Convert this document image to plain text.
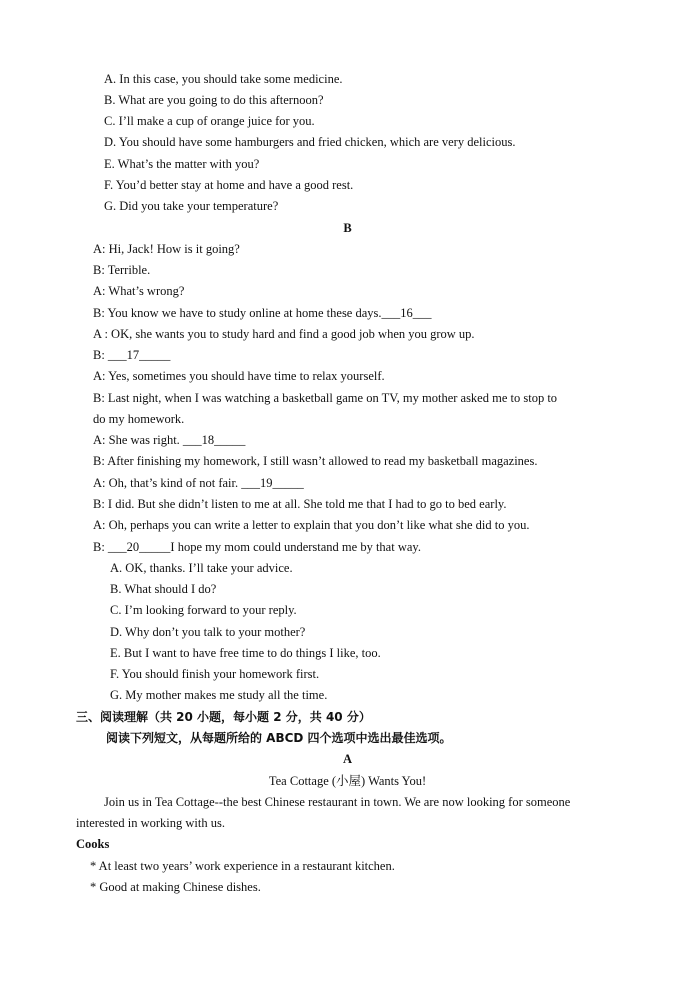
A. In this case, you should take some medicine.
B. What are you going to do this afternoon?
C. I’ll make a cup of orange juice for you.
D. You should have some hamburgers and fried chicken, which are very delicious.
E. What’s the matter with you?
F. You’d better stay at home and have a good rest.
G. Did you take your temperature?
B
A: Hi, Jack! How is it going?
B: Terrible.
A: What’s wrong?
B: You know we have to study online at home these days.___16___
A : OK, she wants you to study hard and find a good job when you grow up.
B: ___17_____
A: Yes, sometimes you should have time to relax yourself.
B: Last night, when I was watching a basketball game on TV, my mother asked me to stop to
do my homework.
A: She was right. ___18_____
B: After finishing my homework, I still wasn’t allowed to read my basketball magazines.
A: Oh, that’s kind of not fair. ___19_____
B: I did. But she didn’t listen to me at all. She told me that I had to go to bed early.
A: Oh, perhaps you can write a letter to explain that you don’t like what she did to you.
B: ___20_____I hope my mom could understand me by that way.
A. OK, thanks. I’ll take your advice.
B. What should I do?
C. I’m looking forward to your reply.
D. Why don’t you talk to your mother?
E. But I want to have free time to do things I like, too.
F. You should finish your homework first.
G. My mother makes me study all the time.
三、阅读理解（共 20 小题，每小题 2 分，共 40 分）
阅读下列短文，从每题所给的 ABCD 四个选项中选出最佳选项。
A
Tea Cottage (小屋) Wants You!
Join us in Tea Cottage--the best Chinese restaurant in town. We are now looking for someone
interested in working with us.
Cooks
* At least two years’ work experience in a restaurant kitchen.
* Good at making Chinese dishes.
